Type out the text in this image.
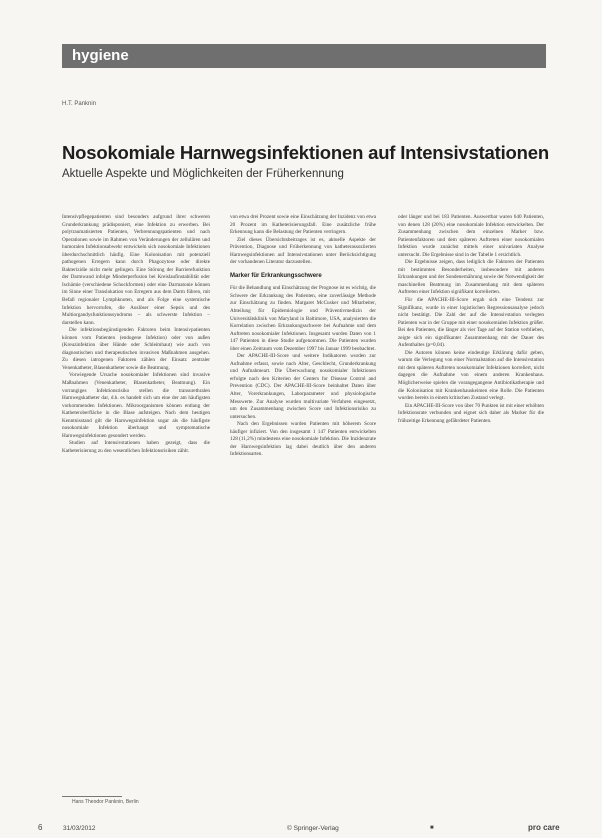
hygiene
H.T. Panknin
Nosokomiale Harnwegsinfektionen auf Intensivstationen
Aktuelle Aspekte und Möglichkeiten der Früherkennung

Intensivpflegepatienten sind besonders aufgrund ihrer schweren Grunderkrankung prädisponiert, eine Infektion zu erwerben. Bei polytraumatisierten Patienten, Verbrennungspatienten und nach Operationen sowie im Rahmen von Veränderungen der zellulären und humoralen Infektionsabwehr entwickeln sich nosokomiale Infektionen überdurchschnittlich häufig. Eine Kolonisation mit potenziell pathogenen Erregern kann durch Phagozytose oder direkte Bakterizidie nicht mehr gelingen. Eine Störung der Barrierefunktion der Darmwand infolge Minderperfusion bei Kreislaufinstabilität oder Ischämie (verschiedene Schockformen) oder eine Darmatonie können im Sinne einer Translokation von Erregern aus dem Darm führen, mit Befall regionaler Lymphknoten, und als Folge eine systemische Infektion hervorrufen, die Auslöser einer Sepsis und des Multiorgandysfunktionssyndroms – als schwerste Infektion – darstellen kann.

Die infektionsbegünstigenden Faktoren beim Intensivpatienten können vom Patienten (endogene Infektion) oder von außen (Kreuzinfektion über Hände oder Schleimhaut) wie auch von diagnostischen und therapeutischen invasiven Maßnahmen ausgehen. Zu diesen iatrogenen Faktoren zählen der Einsatz zentraler Venenkatheter, Blasenkatheter sowie die Beatmung.

Vorwiegende Ursache nosokomialer Infektionen sind invasive Maßnahmen (Venenkatheter, Blasenkatheter, Beatmung). Ein vorrangiges Infektionsrisiko stellen die transurethralen Harnwegskatheter dar, d.h. es handelt sich um eine der am häufigsten vorkommenden Infektionen. Mikroorganismen können entlang der Katheteroberfläche in die Blase aufsteigen. Nach dem heutigen Kenntnisstand gilt die Harnwegsinfektion sogar als die häufigste nosokomiale Infektion überhaupt und symptomatische Harnwegsinfektionen gesondert werden.

Studien auf Intensivstationen haben gezeigt, dass die Katheterisierung zu den wesentlichen Infektionsrisiken zählt.

von etwa drei Prozent sowie eine Einschätzung der Inzidenz von etwa 20 Prozent im Katheterisierungsfall. Eine zusätzliche frühe Erkennung kann die Belastung der Patienten verringern.

Ziel dieses Übersichtsbeitrages ist es, aktuelle Aspekte der Prävention, Diagnose und Früherkennung von katheterassoziierten Harnwegsinfektionen auf Intensivstationen unter Berücksichtigung der vorhandenen Literatur darzustellen.

Marker für Erkrankungsschwere

Für die Behandlung und Einschätzung der Prognose ist es wichtig, die Schwere der Erkrankung des Patienten, eine zuverlässige Methode zur Einschätzung zu finden. Margaret McCusker und Mitarbeiter, Abteilung für Epidemiologie und Präventivmedizin der Universitätsklinik von Maryland in Baltimore, USA, analysierten die Korrelation zwischen Erkrankungsschwere bei Aufnahme und dem Auftreten nosokomialer Infektionen. Insgesamt wurden Daten von 1 147 Patienten in diese Studie aufgenommen. Die Patienten wurden über einen Zeitraum vom Dezember 1997 bis Januar 1999 beobachtet.

Der APACHE-III-Score und weitere Indikatoren wurden zur Aufnahme erfasst, sowie nach Alter, Geschlecht, Grunderkrankung und Aufnahmeart. Die Überwachung nosokomialer Infektionen erfolgte nach den Kriterien der Centers for Disease Control and Prevention (CDC). Der APACHE-III-Score beinhaltet Daten über Alter, Vorerkrankungen, Laborparameter und physiologische Messwerte. Zur Analyse wurden multivariate Verfahren eingesetzt, um den Zusammenhang zwischen Score und Infektionsrisiko zu untersuchen.

Nach den Ergebnissen wurden Patienten mit höherem Score häufiger infiziert. Von den insgesamt 1 147 Patienten entwickelten 128 (11,2%) mindestens eine nosokomiale Infektion. Die Inzidenzrate der Harnwegsinfektion lag dabei deutlich über den anderen Infektionsarten.

oder länger und bei 183 Patienten. Auswertbar waren 640 Patienten, von denen 128 (20%) eine nosokomiale Infektion entwickelten. Der Zusammenhang zwischen dem einzelnen Marker bzw. Patientenfaktoren und dem späteren Auftreten einer nosokomialen Infektion wurde zunächst mittels einer univariaten Analyse untersucht. Die Ergebnisse sind in der Tabelle 1 ersichtlich.

Die Ergebnisse zeigen, dass lediglich die Faktoren der Patienten mit bestimmten Besonderheiten, insbesondere mit anderen Erkrankungen und der Sondenernährung sowie der Notwendigkeit der maschinellen Beatmung im Zusammenhang mit dem späteren Auftreten einer Infektion signifikant korrelierten.

Für die APACHE-III-Score ergab sich eine Tendenz zur Signifikanz, wurde in einer logistischen Regressionsanalyse jedoch nicht bestätigt. Die Zahl der auf die Intensivstation verlegten Patienten war in der Gruppe mit einer nosokomialen Infektion größer. Bei den Patienten, die länger als vier Tage auf der Station verblieben, zeigte sich ein signifikanter Zusammenhang mit der Dauer des Aufenthaltes (p=0,04).

Die Autoren können keine eindeutige Erklärung dafür geben, warum die Verlegung von einer Normalstation auf die Intensivstation mit dem späteren Auftreten nosokomialer Infektionen korreliert, nicht dagegen die Aufnahme von einem anderen Krankenhaus. Möglicherweise spielen die vorangegangene Antibiotikatherapie und die Kolonisation mit Krankenhauskeimen eine Rolle. Die Patienten wurden bereits in einem kritischen Zustand verlegt.

Ein APACHE-III-Score von über 70 Punkten ist mit einer erhöhten Infektionsrate verbunden und eignet sich daher als Marker für die frühzeitige Erkennung gefährdeter Patienten.

Hans Theodor Panknin, Berlin
6	31/03/2012	© Springer-Verlag	■	pro care
